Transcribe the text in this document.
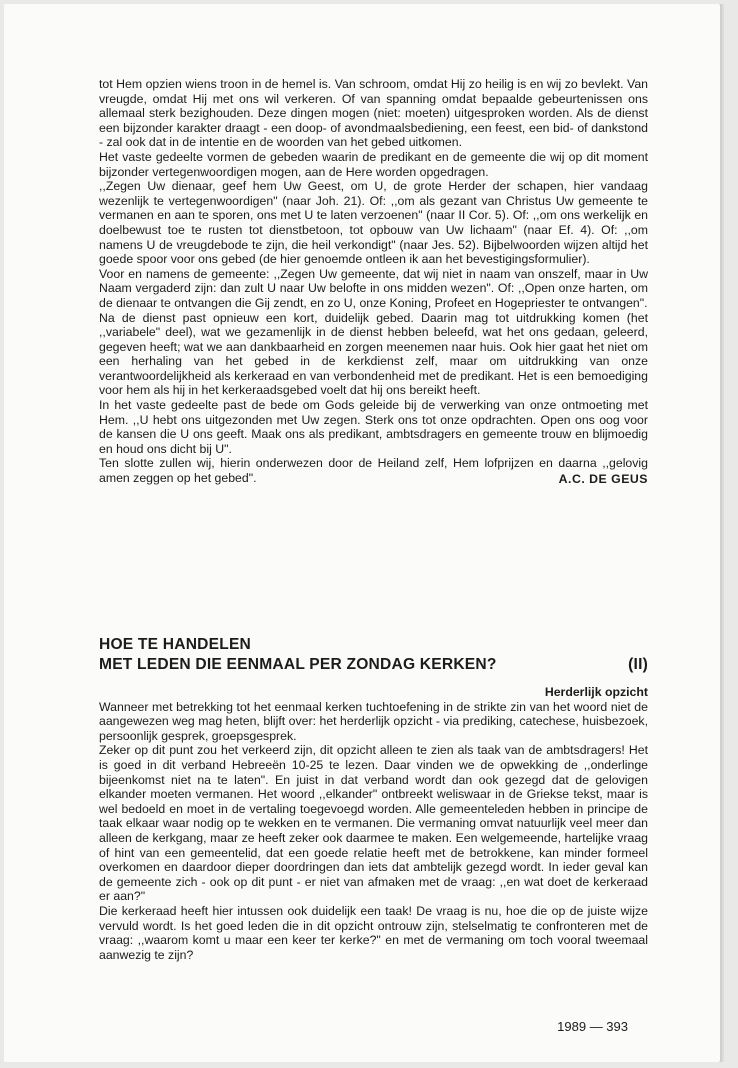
tot Hem opzien wiens troon in de hemel is. Van schroom, omdat Hij zo heilig is en wij zo bevlekt. Van vreugde, omdat Hij met ons wil verkeren. Of van spanning omdat bepaalde gebeurtenissen ons allemaal sterk bezighouden. Deze dingen mogen (niet: moeten) uitgesproken worden. Als de dienst een bijzonder karakter draagt - een doop- of avondmaalsbediening, een feest, een bid- of dankstond - zal ook dat in de intentie en de woorden van het gebed uitkomen.

Het vaste gedeelte vormen de gebeden waarin de predikant en de gemeente die wij op dit moment bijzonder vertegenwoordigen mogen, aan de Here worden opgedragen.

,,Zegen Uw dienaar, geef hem Uw Geest, om U, de grote Herder der schapen, hier vandaag wezenlijk te vertegenwoordigen" (naar Joh. 21). Of: ,,om als gezant van Christus Uw gemeente te vermanen en aan te sporen, ons met U te laten verzoenen" (naar II Cor. 5). Of: ,,om ons werkelijk en doelbewust toe te rusten tot dienstbetoon, tot opbouw van Uw lichaam" (naar Ef. 4). Of: ,,om namens U de vreugdebode te zijn, die heil verkondigt" (naar Jes. 52). Bijbelwoorden wijzen altijd het goede spoor voor ons gebed (de hier genoemde ontleen ik aan het bevestigingsformulier).

Voor en namens de gemeente: ,,Zegen Uw gemeente, dat wij niet in naam van onszelf, maar in Uw Naam vergaderd zijn: dan zult U naar Uw belofte in ons midden wezen". Of: ,,Open onze harten, om de dienaar te ontvangen die Gij zendt, en zo U, onze Koning, Profeet en Hogepriester te ontvangen".

Na de dienst past opnieuw een kort, duidelijk gebed. Daarin mag tot uitdrukking komen (het ,,variabele" deel), wat we gezamenlijk in de dienst hebben beleefd, wat het ons gedaan, geleerd, gegeven heeft; wat we aan dankbaarheid en zorgen meenemen naar huis. Ook hier gaat het niet om een herhaling van het gebed in de kerkdienst zelf, maar om uitdrukking van onze verantwoordelijkheid als kerkeraad en van verbondenheid met de predikant. Het is een bemoediging voor hem als hij in het kerkeraadsgebed voelt dat hij ons bereikt heeft.

In het vaste gedeelte past de bede om Gods geleide bij de verwerking van onze ontmoeting met Hem. ,,U hebt ons uitgezonden met Uw zegen. Sterk ons tot onze opdrachten. Open ons oog voor de kansen die U ons geeft. Maak ons als predikant, ambtsdragers en gemeente trouw en blijmoedig en houd ons dicht bij U".

Ten slotte zullen wij, hierin onderwezen door de Heiland zelf, Hem lofprijzen en daarna ,,gelovig amen zeggen op het gebed".	A.C. DE GEUS
HOE TE HANDELEN
MET LEDEN DIE EENMAAL PER ZONDAG KERKEN?	(II)
Herderlijk opzicht

Wanneer met betrekking tot het eenmaal kerken tuchtoefening in de strikte zin van het woord niet de aangewezen weg mag heten, blijft over: het herderlijk opzicht - via prediking, catechese, huisbezoek, persoonlijk gesprek, groepsgesprek.

Zeker op dit punt zou het verkeerd zijn, dit opzicht alleen te zien als taak van de ambtsdragers! Het is goed in dit verband Hebreeën 10-25 te lezen. Daar vinden we de opwekking de ,,onderlinge bijeenkomst niet na te laten". En juist in dat verband wordt dan ook gezegd dat de gelovigen elkander moeten vermanen. Het woord ,,elkander" ontbreekt weliswaar in de Griekse tekst, maar is wel bedoeld en moet in de vertaling toegevoegd worden. Alle gemeenteleden hebben in principe de taak elkaar waar nodig op te wekken en te vermanen. Die vermaning omvat natuurlijk veel meer dan alleen de kerkgang, maar ze heeft zeker ook daarmee te maken. Een welgemeende, hartelijke vraag of hint van een gemeentelid, dat een goede relatie heeft met de betrokkene, kan minder formeel overkomen en daardoor dieper doordringen dan iets dat ambtelijk gezegd wordt. In ieder geval kan de gemeente zich - ook op dit punt - er niet van afmaken met de vraag: ,,en wat doet de kerkeraad er aan?"

Die kerkeraad heeft hier intussen ook duidelijk een taak! De vraag is nu, hoe die op de juiste wijze vervuld wordt. Is het goed leden die in dit opzicht ontrouw zijn, stelselmatig te confronteren met de vraag: ,,waarom komt u maar een keer ter kerke?" en met de vermaning om toch vooral tweemaal aanwezig te zijn?

1989 — 393
